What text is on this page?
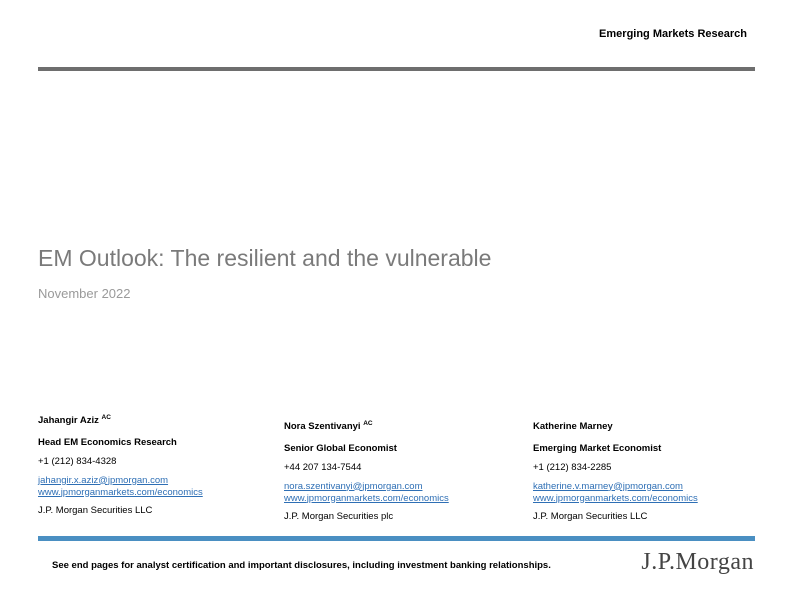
Emerging Markets Research
EM Outlook: The resilient and the vulnerable
November 2022
Jahangir Aziz $^{AC}$
Head EM Economics Research
+1 (212) 834-4328
jahangir.x.aziz@jpmorgan.com
www.jpmorganmarkets.com/economics
J.P. Morgan Securities LLC
Nora Szentivanyi $^{AC}$
Senior Global Economist
+44 207 134-7544
nora.szentivanyi@jpmorgan.com
www.jpmorganmarkets.com/economics
J.P. Morgan Securities plc
Katherine Marney
Emerging Market Economist
+1 (212) 834-2285
katherine.v.marney@jpmorgan.com
www.jpmorganmarkets.com/economics
J.P. Morgan Securities LLC
See end pages for analyst certification and important disclosures, including investment banking relationships.	J.P.Morgan
